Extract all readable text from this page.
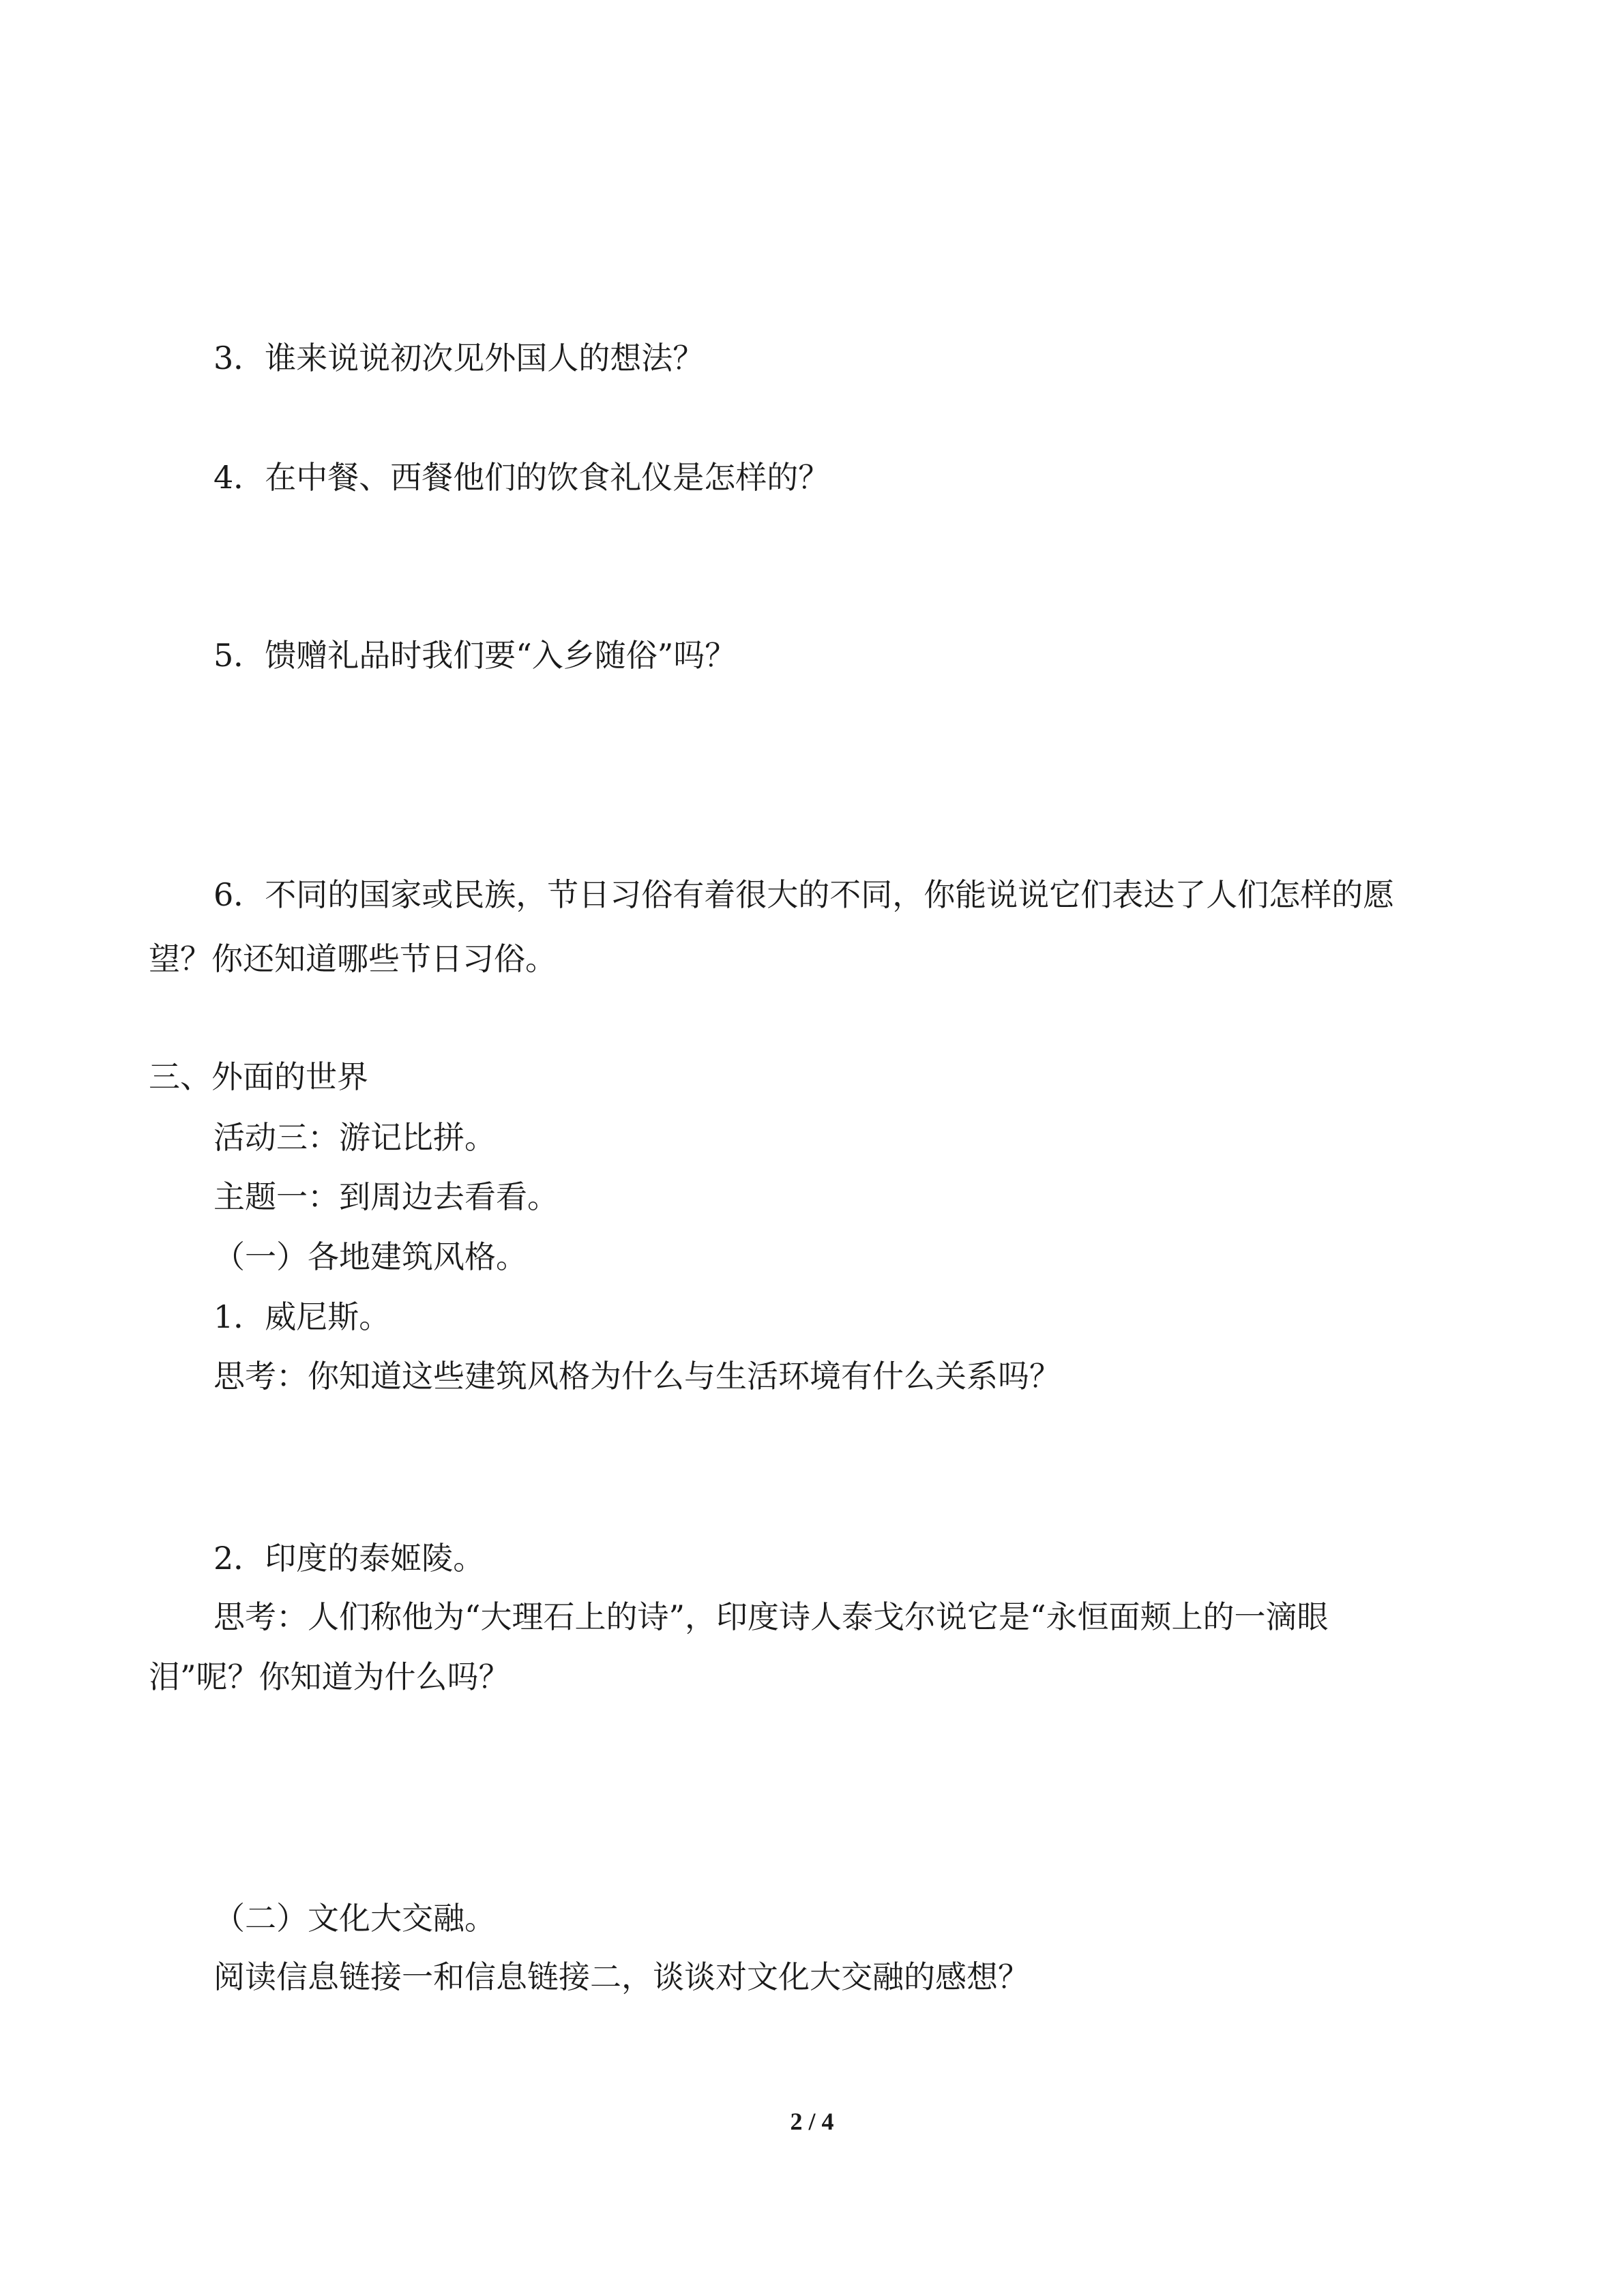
3．谁来说说初次见外国人的想法？
4．在中餐、西餐他们的饮食礼仪是怎样的？
5．馈赠礼品时我们要“入乡随俗”吗？
6．不同的国家或民族，节日习俗有着很大的不同，你能说说它们表达了人们怎样的愿
望？你还知道哪些节日习俗。
三、外面的世界
活动三：游记比拼。
主题一：到周边去看看。
（一）各地建筑风格。
1．威尼斯。
思考：你知道这些建筑风格为什么与生活环境有什么关系吗？
2．印度的泰姬陵。
思考：人们称他为“大理石上的诗”，印度诗人泰戈尔说它是“永恒面颊上的一滴眼
泪”呢？你知道为什么吗？
（二）文化大交融。
阅读信息链接一和信息链接二，谈谈对文化大交融的感想？
2 / 4
